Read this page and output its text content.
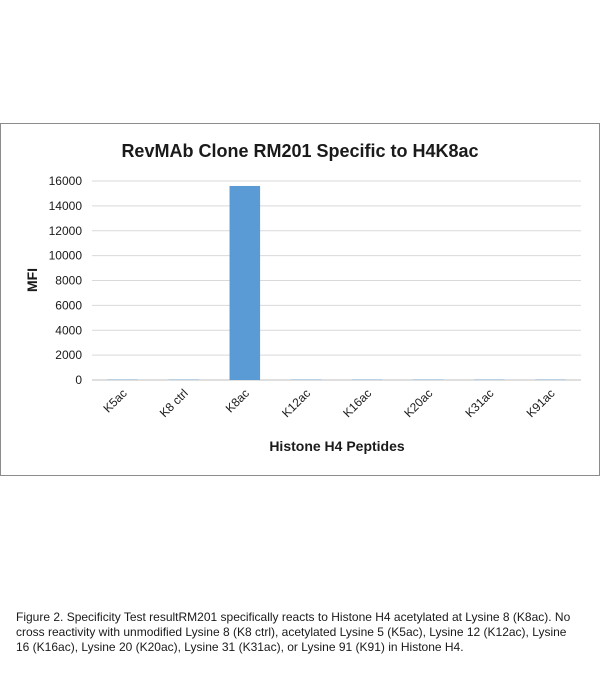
RevMAb Clone RM201 Specific to H4K8ac
MFI
Histone H4 Peptides
0
2000
4000
6000
8000
10000
12000
14000
16000
K5ac K8 ctrl	K8ac K12ac K16ac K20ac K31ac K91ac

Figure 2. Specificity Test resultRM201 specifically reacts to Histone H4 acetylated at Lysine 8 (K8ac). No cross reactivity with unmodified Lysine 8 (K8 ctrl), acetylated Lysine 5 (K5ac), Lysine 12 (K12ac), Lysine 16 (K16ac), Lysine 20 (K20ac), Lysine 31 (K31ac), or Lysine 91 (K91) in Histone H4.
